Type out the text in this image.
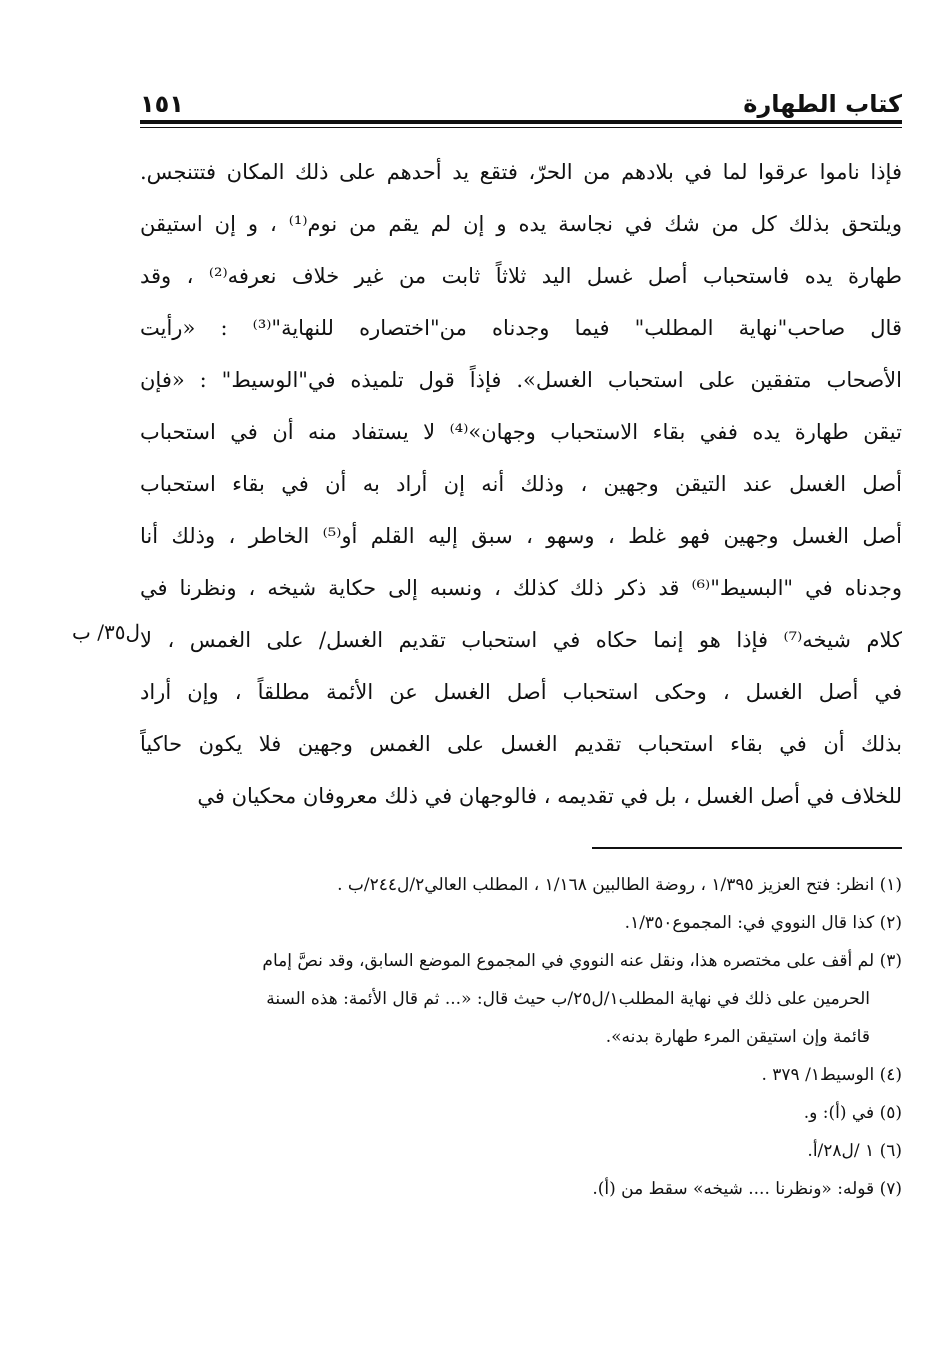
كتاب الطهارة
١٥١
فإذا ناموا عرقوا لما في بلادهم من الحرّ، فتقع يد أحدهم على ذلك المكان فتتنجس.
ويلتحق بذلك كل من شك في نجاسة يده و إن لم يقم من نوم⁽¹⁾ ، و إن استيقن
طهارة يده فاستحباب أصل غسل اليد ثلاثاً ثابت من غير خلاف نعرفه⁽²⁾ ، وقد
قال صاحب"نهاية المطلب" فيما وجدناه من"اختصاره للنهاية"⁽³⁾ : «رأيت
الأصحاب متفقين على استحباب الغسل». فإذاً قول تلميذه في"الوسيط" : «فإن
تيقن طهارة يده ففي بقاء الاستحباب وجهان»⁽⁴⁾ لا يستفاد منه أن في استحباب
أصل الغسل عند التيقن وجهين ، وذلك أنه إن أراد به أن في بقاء استحباب
أصل الغسل وجهين فهو غلط ، وسهو ، سبق إليه القلم أو⁽⁵⁾ الخاطر ، وذلك أنا
وجدناه في "البسيط"⁽⁶⁾ قد ذكر ذلك كذلك ، ونسبه إلى حكاية شيخه ، ونظرنا في
كلام شيخه⁽⁷⁾ فإذا هو إنما حكاه في استحباب تقديم الغسل/ على الغمس ، لا
في أصل الغسل ، وحكى استحباب أصل الغسل عن الأئمة مطلقاً ، وإن أراد
بذلك أن في بقاء استحباب تقديم الغسل على الغمس وجهين فلا يكون حاكياً
للخلاف في أصل الغسل ، بل في تقديمه ، فالوجهان في ذلك معروفان محكيان في
ل٣٥/ ب
(١) انظر: فتح العزيز ١/٣٩٥ ، روضة الطالبين ١/١٦٨ ، المطلب العالي٢/ل٢٤٤/ب .
(٢) كذا قال النووي في: المجموع١/٣٥٠.
(٣) لم أقف على مختصره هذا، ونقل عنه النووي في المجموع الموضع السابق، وقد نصَّ إمام
الحرمين على ذلك في نهاية المطلب١/ل٢٥/ب حيث قال: «... ثم قال الأئمة: هذه السنة
قائمة وإن استيقن المرء طهارة بدنه».
(٤) الوسيط١/ ٣٧٩ .
(٥) في (أ): و.
(٦) ١ /ل٢٨/أ.
(٧) قوله: «ونظرنا .... شيخه» سقط من (أ).
